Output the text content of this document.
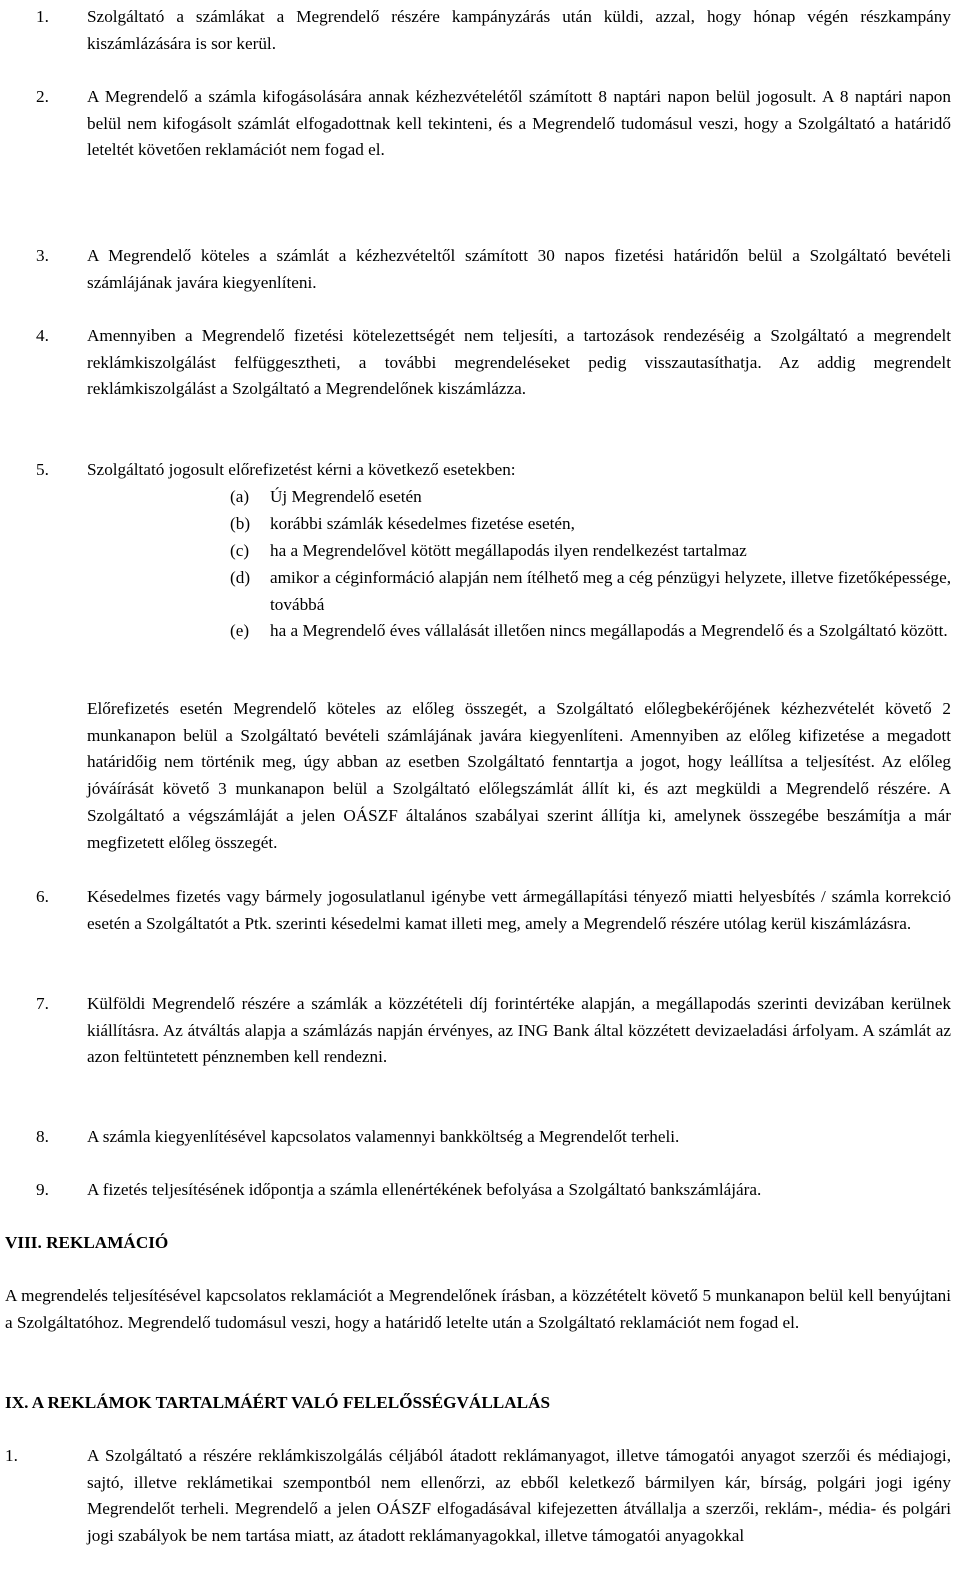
1. Szolgáltató a számlákat a Megrendelő részére kampányzárás után küldi, azzal, hogy hónap végén részkampány kiszámlázására is sor kerül.
2. A Megrendelő a számla kifogásolására annak kézhezvételétől számított 8 naptári napon belül jogosult. A 8 naptári napon belül nem kifogásolt számlát elfogadottnak kell tekinteni, és a Megrendelő tudomásul veszi, hogy a Szolgáltató a határidő leteltét követően reklamációt nem fogad el.
3. A Megrendelő köteles a számlát a kézhezvételtől számított 30 napos fizetési határidőn belül a Szolgáltató bevételi számlájának javára kiegyenlíteni.
4. Amennyiben a Megrendelő fizetési kötelezettségét nem teljesíti, a tartozások rendezéséig a Szolgáltató a megrendelt reklámkiszolgálást felfüggesztheti, a további megrendeléseket pedig visszautasíthatja. Az addig megrendelt reklámkiszolgálást a Szolgáltató a Megrendelőnek kiszámlázza.
5. Szolgáltató jogosult előrefizetést kérni a következő esetekben:
(a) Új Megrendelő esetén
(b) korábbi számlák késedelmes fizetése esetén,
(c) ha a Megrendelővel kötött megállapodás ilyen rendelkezést tartalmaz
(d) amikor a céginformáció alapján nem ítélhető meg a cég pénzügyi helyzete, illetve fizetőképessége, továbbá
(e) ha a Megrendelő éves vállalását illetően nincs megállapodás a Megrendelő és a Szolgáltató között.
Előrefizetés esetén Megrendelő köteles az előleg összegét, a Szolgáltató előlegbekérőjének kézhezvételét követő 2 munkanapon belül a Szolgáltató bevételi számlájának javára kiegyenlíteni. Amennyiben az előleg kifizetése a megadott határidőig nem történik meg, úgy abban az esetben Szolgáltató fenntartja a jogot, hogy leállítsa a teljesítést. Az előleg jóváírását követő 3 munkanapon belül a Szolgáltató előlegszámlát állít ki, és azt megküldi a Megrendelő részére. A Szolgáltató a végszámláját a jelen OÁSZF általános szabályai szerint állítja ki, amelynek összegébe beszámítja a már megfizetett előleg összegét.
6. Késedelmes fizetés vagy bármely jogosulatlanul igénybe vett ármegállapítási tényező miatti helyesbítés / számla korrekció esetén a Szolgáltatót a Ptk. szerinti késedelmi kamat illeti meg, amely a Megrendelő részére utólag kerül kiszámlázásra.
7. Külföldi Megrendelő részére a számlák a közzétételi díj forintértéke alapján, a megállapodás szerinti devizában kerülnek kiállításra. Az átváltás alapja a számlázás napján érvényes, az ING Bank által közzétett devizaeladási árfolyam. A számlát az azon feltüntetett pénznemben kell rendezni.
8. A számla kiegyenlítésével kapcsolatos valamennyi bankköltség a Megrendelőt terheli.
9. A fizetés teljesítésének időpontja a számla ellenértékének befolyása a Szolgáltató bankszámlájára.
VIII. REKLAMÁCIÓ
A megrendelés teljesítésével kapcsolatos reklamációt a Megrendelőnek írásban, a közzétételt követő 5 munkanapon belül kell benyújtani a Szolgáltatóhoz. Megrendelő tudomásul veszi, hogy a határidő letelte után a Szolgáltató reklamációt nem fogad el.
IX. A REKLÁMOK TARTALMÁÉRT VALÓ FELELŐSSÉGVÁLLALÁS
1.	A Szolgáltató a részére reklámkiszolgálás céljából átadott reklámanyagot, illetve támogatói anyagot szerzői és médiajogi, sajtó, illetve reklámetikai szempontból nem ellenőrzi, az ebből keletkező bármilyen kár, bírság, polgári jogi igény Megrendelőt terheli. Megrendelő a jelen OÁSZF elfogadásával kifejezetten átvállalja a szerzői, reklám-, média- és polgári jogi szabályok be nem tartása miatt, az átadott reklámanyagokkal, illetve támogatói anyagokkal
